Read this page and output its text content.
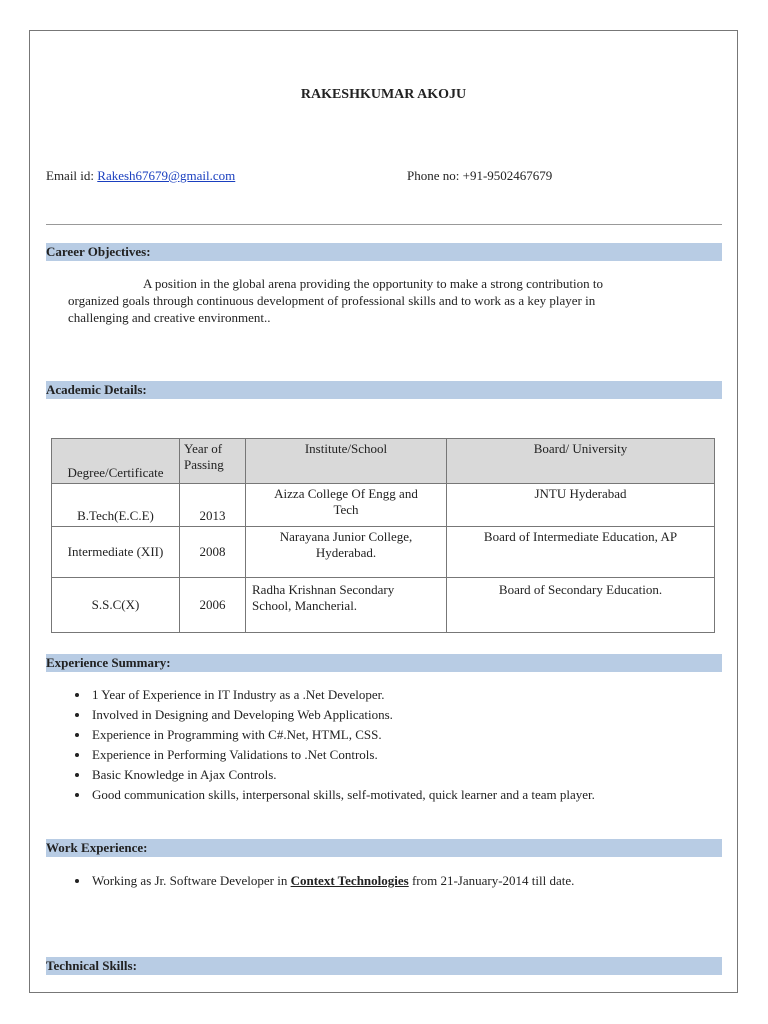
RAKESHKUMAR AKOJU
Email id: Rakesh67679@gmail.com	Phone no: +91-9502467679
Career Objectives:
A position in the global arena providing the opportunity to make a strong contribution to
organized goals through continuous development of professional skills and to work as a key player in
challenging and creative environment..
Academic Details:
Degree/Certificate	Year of Passing	Institute/School	Board/ University
B.Tech(E.C.E)	2013	Aizza College Of Engg and Tech	JNTU Hyderabad
Intermediate (XII)	2008	Narayana Junior College, Hyderabad.	Board of Intermediate Education, AP
S.S.C(X)	2006	Radha Krishnan Secondary School, Mancherial.	Board of Secondary Education.
Experience Summary:
• 1 Year of Experience in IT Industry as a .Net Developer.
• Involved in Designing and Developing Web Applications.
• Experience in Programming with C#.Net, HTML, CSS.
• Experience in Performing Validations to .Net Controls.
• Basic Knowledge in Ajax Controls.
• Good communication skills, interpersonal skills, self-motivated, quick learner and a team player.
Work Experience:
• Working as Jr. Software Developer in Context Technologies from 21-January-2014 till date.
Technical Skills:
